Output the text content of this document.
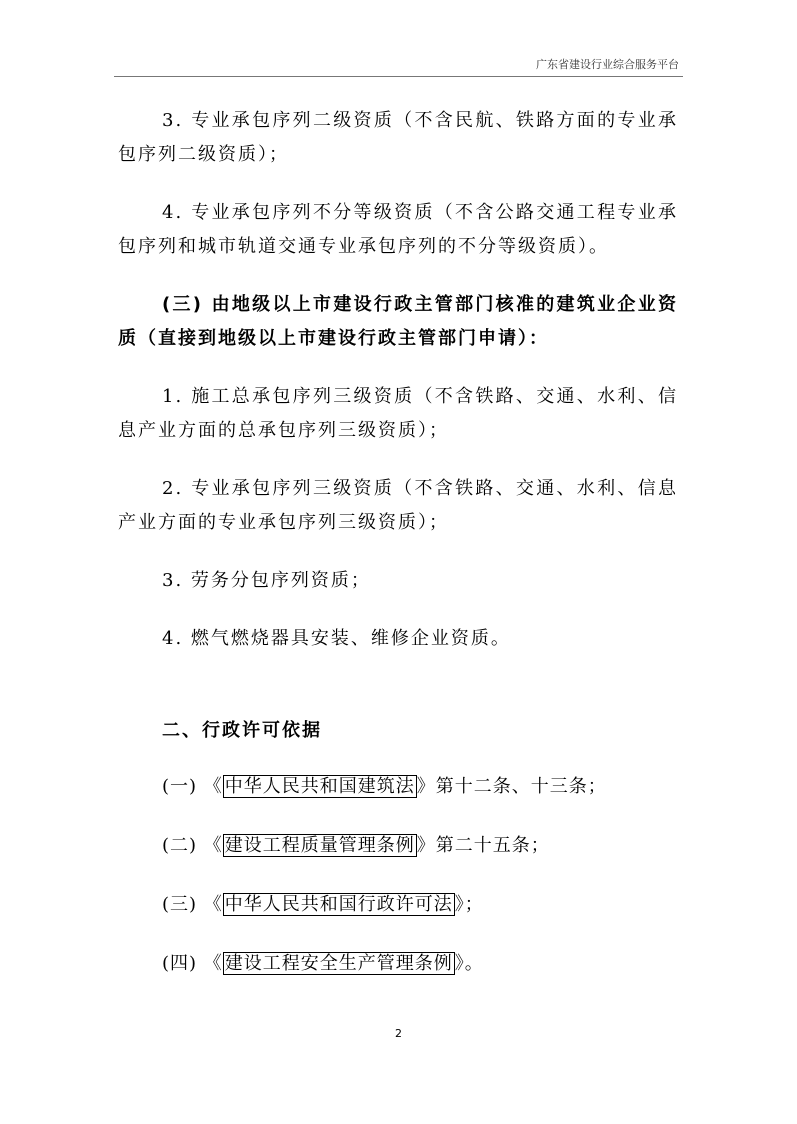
广东省建设行业综合服务平台

3. 专业承包序列二级资质（不含民航、铁路方面的专业承包序列二级资质）；

4. 专业承包序列不分等级资质（不含公路交通工程专业承包序列和城市轨道交通专业承包序列的不分等级资质）。

(三) 由地级以上市建设行政主管部门核准的建筑业企业资质（直接到地级以上市建设行政主管部门申请）：

1. 施工总承包序列三级资质（不含铁路、交通、水利、信息产业方面的总承包序列三级资质）；

2. 专业承包序列三级资质（不含铁路、交通、水利、信息产业方面的专业承包序列三级资质）；

3. 劳务分包序列资质；

4. 燃气燃烧器具安装、维修企业资质。

二、行政许可依据
(一) 《 中华人民共和国建筑法 》第十二条、十三条；
(二) 《 建设工程质量管理条例 》第二十五条；
(三) 《 中华人民共和国行政许可法 》；
(四) 《 建设工程安全生产管理条例 》。
2
